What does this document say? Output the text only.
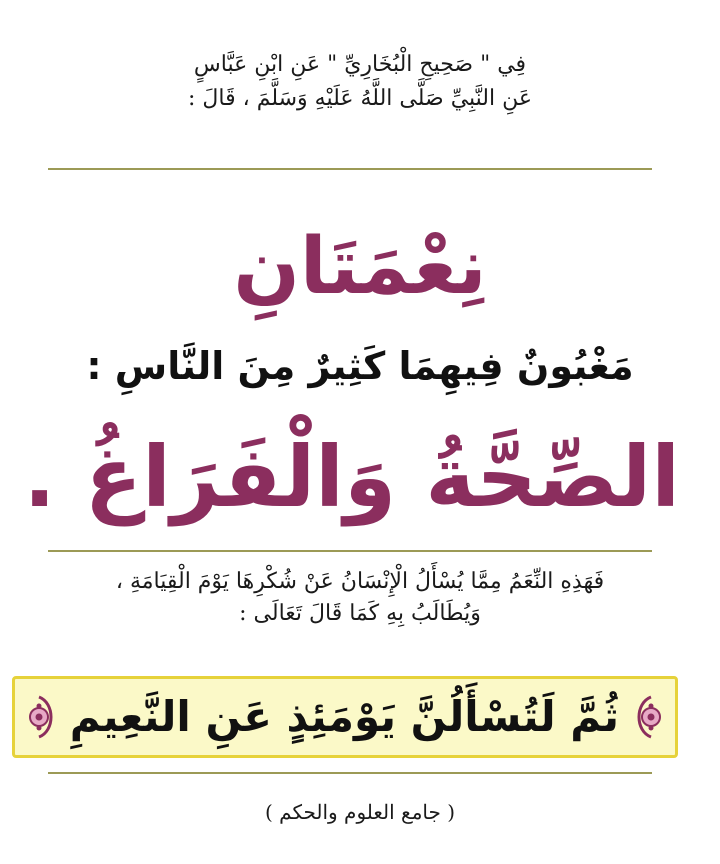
فِي " صَحِيحِ الْبُخَارِيِّ " عَنِ ابْنِ عَبَّاسٍ
عَنِ النَّبِيِّ صَلَّى اللَّهُ عَلَيْهِ وَسَلَّمَ ، قَالَ :
نِعْمَتَانِ
مَغْبُونٌ فِيهِمَا كَثِيرٌ مِنَ النَّاسِ :
الصِّحَّةُ وَالْفَرَاغُ .
فَهَذِهِ النِّعَمُ مِمَّا يُسْأَلُ الْإِنْسَانُ عَنْ شُكْرِهَا يَوْمَ الْقِيَامَةِ ،
وَيُطَالَبُ بِهِ كَمَا قَالَ تَعَالَى :
ثُمَّ لَتُسْأَلُنَّ يَوْمَئِذٍ عَنِ النَّعِيمِ
( جامع العلوم والحكم )
